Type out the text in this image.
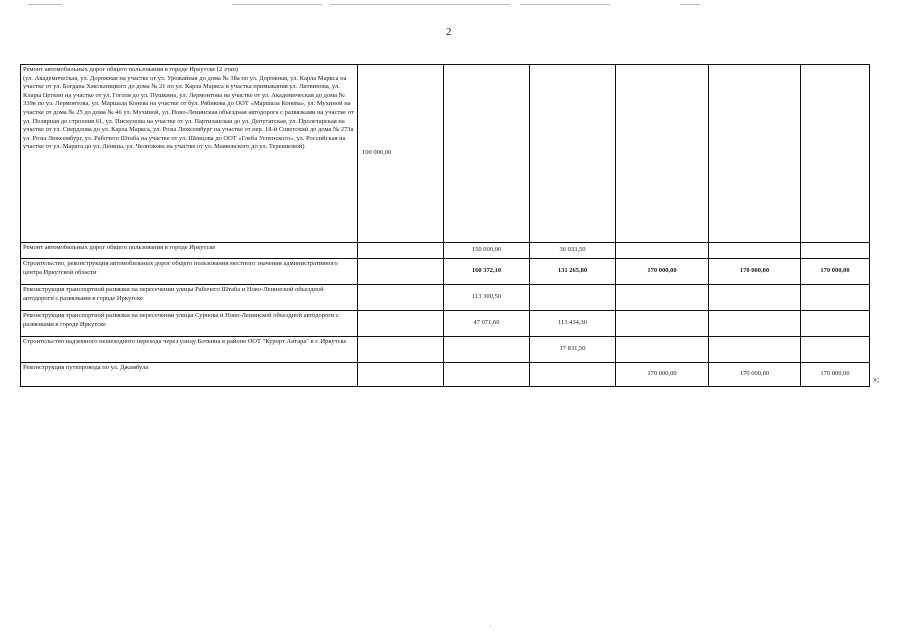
2
Ремонт автомобильных дорог общего пользования в городе Иркутске (2 этап)
(ул. Академическая, ул. Дорожная на участке от ул. Урожайная до дома № 38а по ул. Дорожная, ул. Карла Маркса на участке от ул. Богдана Хмельницкого до дома № 21 по ул. Карла Маркса и участка примыкания ул. Литвинова, ул. Клары Цеткин на участке от ул. Гоголя до ул. Пушкина, ул. Лермонтова на участке от ул. Академическая до дома № 339в по ул. Лермонтова, ул. Маршала Конева на участке от бул. Рябикова до ООТ «Маршала Конева», ул. Мухиной на участке от дома № 25 до дома № 46 ул. Мухиной, ул. Ново-Ленинская объездная автодорога с развязками на участке от ул. Полярная до строения 61, ул. Пискунова на участке от ул. Партизанская до ул. Депутатская, ул. Пролетарская на участке от ул. Свердлова до ул. Карла Маркса, ул. Розы Люксембург на участке от пер. 18-й Советский до дома № 273а ул. Розы Люксембург, ул. Рабочего Штаба на участке от ул. Шевцова до ООТ «Глеба Успенского», ул. Российская на участке от ул. Марата до ул. Ленина, ул. Челнокова на участке от ул. Маяковского до ул. Терешковой)	100 000,00					
Ремонт автомобильных дорог общего пользования в городе Иркутске		150 000,00	36 033,50			
Строительство, реконструкция автомобильных дорог общего пользования местного значения административного центра Иркутской области		160 372,10	131 265,80	170 000,00	170 000,00	170 000,00
Реконструкция транспортной развязки на пересечении улицы Рабочего Штаба и Ново-Ленинской объездной автодороги с развязками в городе Иркутске		113 300,50				
Реконструкция транспортной развязки на пересечении улицы Сурнова и Ново-Ленинской объездной автодороги с развязками в городе Иркутске		47 071,60	113 434,30			
Строительство надземного пешеходного перехода через улицу Боткина в районе ООТ "Курорт Ангара" в г. Иркутске			17 831,50			
Реконструкция путепровода по ул. Джамбула				170 000,00	170 000,00	170 000,00
»;
